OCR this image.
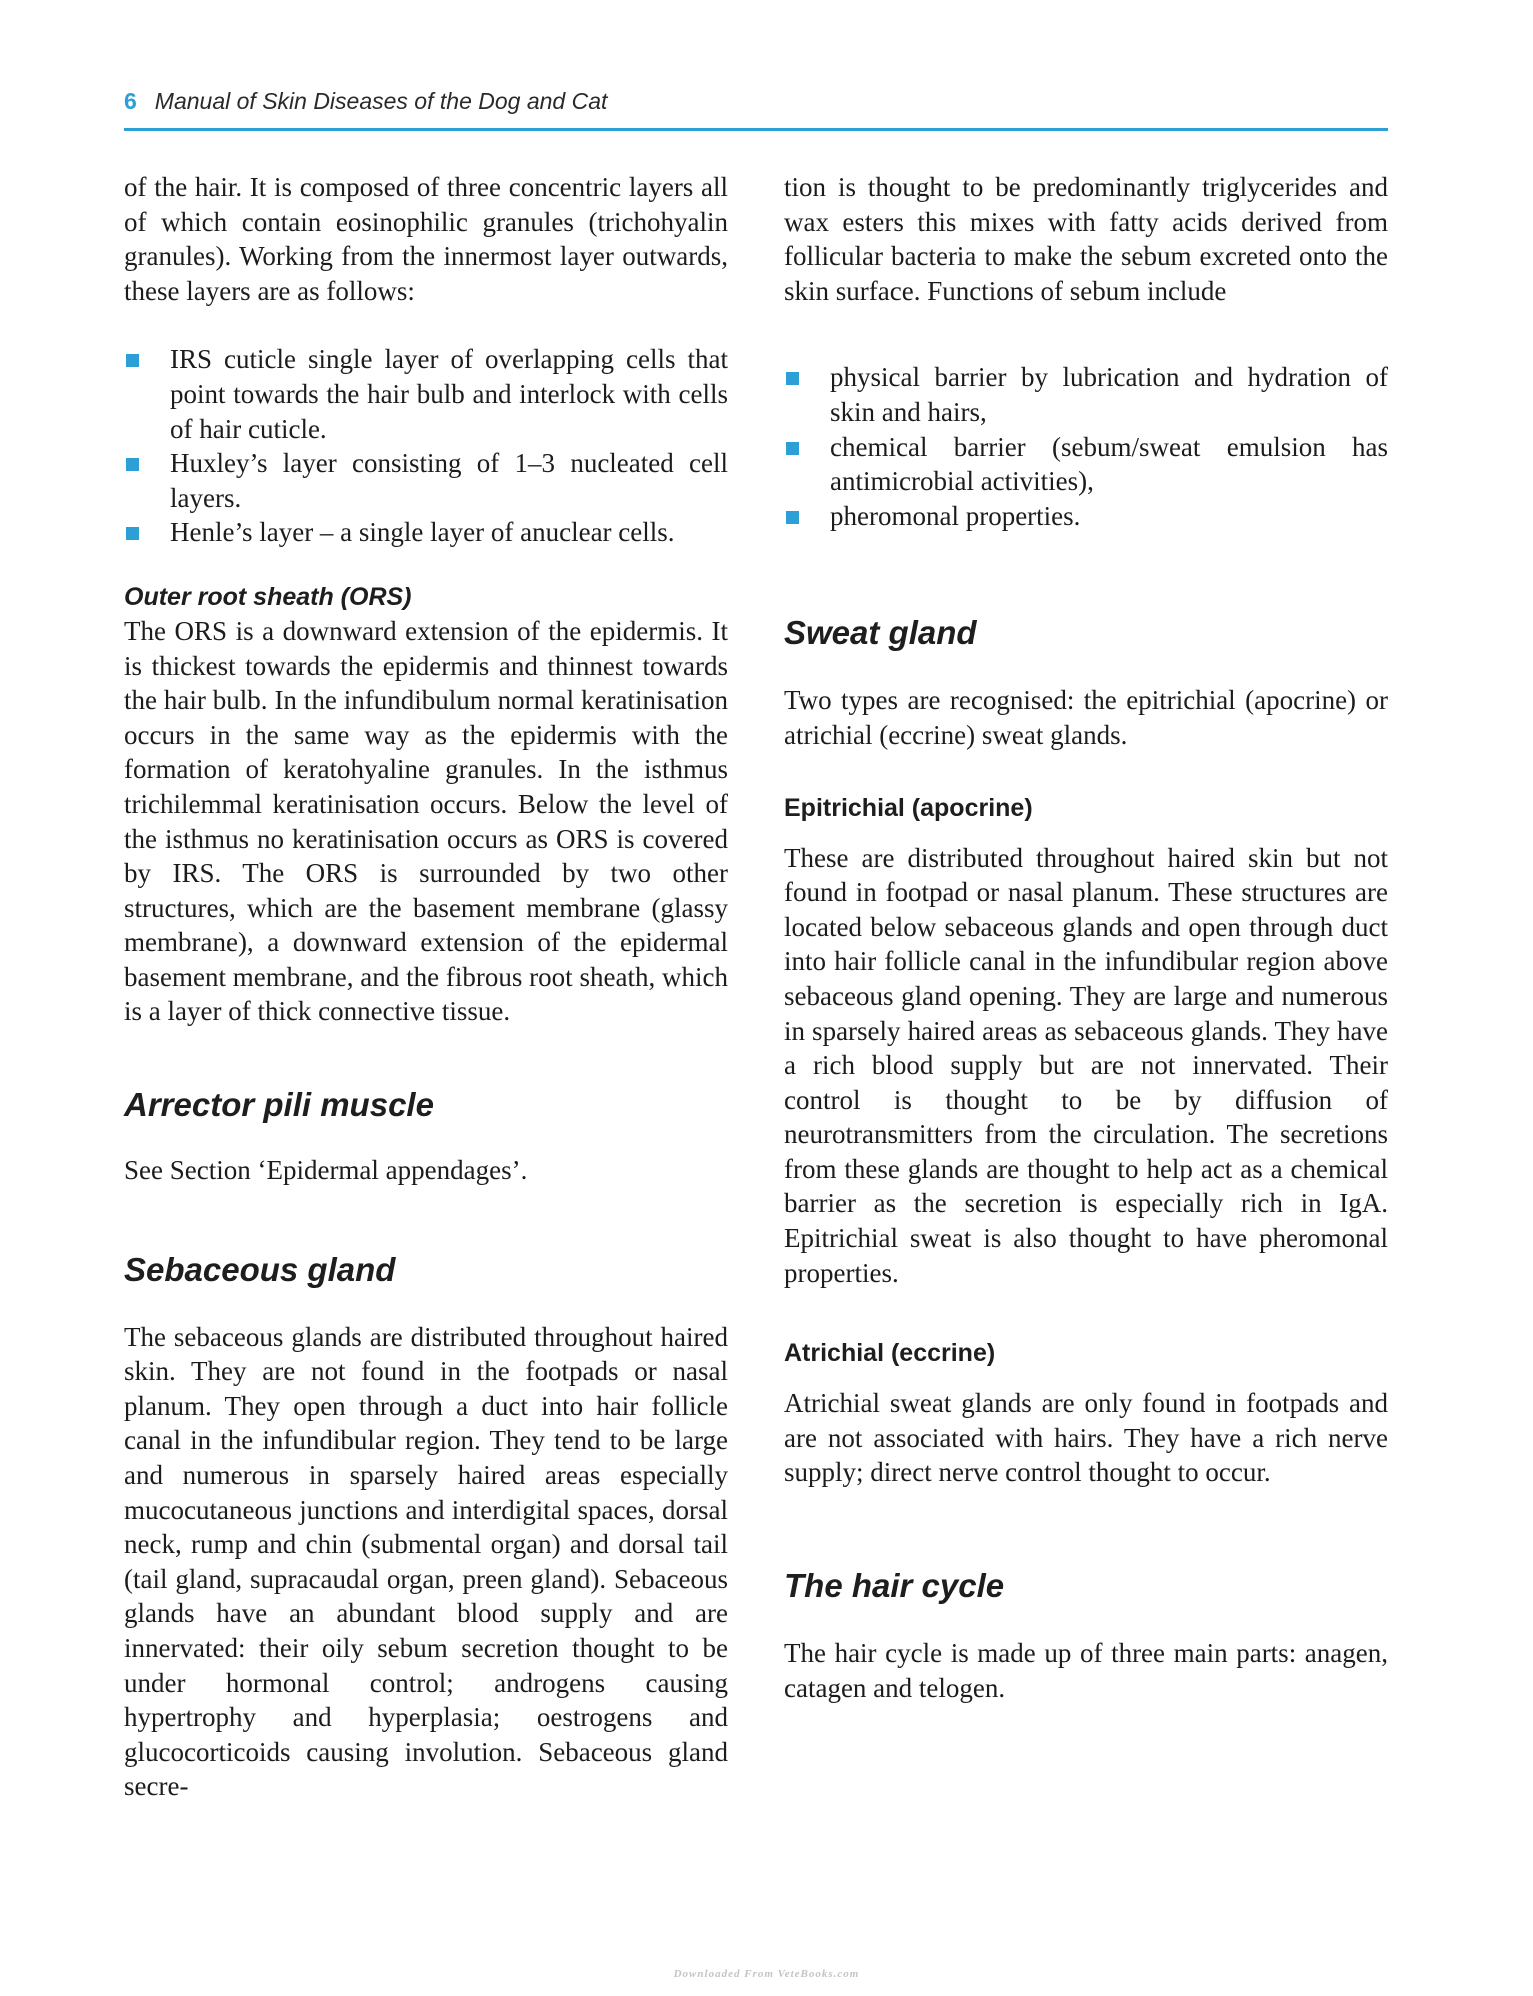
6 Manual of Skin Diseases of the Dog and Cat

of the hair. It is composed of three concentric layers all of which contain eosinophilic granules (trichohyalin granules). Working from the innermost layer outwards, these layers are as follows:

IRS cuticle single layer of overlapping cells that point towards the hair bulb and interlock with cells of hair cuticle.
Huxley’s layer consisting of 1–3 nucleated cell layers.
Henle’s layer – a single layer of anuclear cells.
Outer root sheath (ORS)

The ORS is a downward extension of the epidermis. It is thickest towards the epidermis and thinnest towards the hair bulb. In the infundibulum normal keratinisation occurs in the same way as the epidermis with the formation of keratohyaline granules. In the isthmus trichilemmal keratinisation occurs. Below the level of the isthmus no keratinisation occurs as ORS is covered by IRS. The ORS is surrounded by two other structures, which are the basement membrane (glassy membrane), a downward extension of the epidermal basement membrane, and the fibrous root sheath, which is a layer of thick connective tissue.

Arrector pili muscle

See Section ‘Epidermal appendages’.

Sebaceous gland

The sebaceous glands are distributed throughout haired skin. They are not found in the footpads or nasal planum. They open through a duct into hair follicle canal in the infundibular region. They tend to be large and numerous in sparsely haired areas especially mucocutaneous junctions and interdigital spaces, dorsal neck, rump and chin (submental organ) and dorsal tail (tail gland, supracaudal organ, preen gland). Sebaceous glands have an abundant blood supply and are innervated: their oily sebum secretion thought to be under hormonal control; androgens causing hypertrophy and hyperplasia; oestrogens and glucocorticoids causing involution. Sebaceous gland secre-

tion is thought to be predominantly triglycerides and wax esters this mixes with fatty acids derived from follicular bacteria to make the sebum excreted onto the skin surface. Functions of sebum include

physical barrier by lubrication and hydration of skin and hairs,
chemical barrier (sebum/sweat emulsion has antimicrobial activities),
pheromonal properties.
Sweat gland

Two types are recognised: the epitrichial (apocrine) or atrichial (eccrine) sweat glands.

Epitrichial (apocrine)

These are distributed throughout haired skin but not found in footpad or nasal planum. These structures are located below sebaceous glands and open through duct into hair follicle canal in the infundibular region above sebaceous gland opening. They are large and numerous in sparsely haired areas as sebaceous glands. They have a rich blood supply but are not innervated. Their control is thought to be by diffusion of neurotransmitters from the circulation. The secretions from these glands are thought to help act as a chemical barrier as the secretion is especially rich in IgA. Epitrichial sweat is also thought to have pheromonal properties.

Atrichial (eccrine)

Atrichial sweat glands are only found in footpads and are not associated with hairs. They have a rich nerve supply; direct nerve control thought to occur.

The hair cycle

The hair cycle is made up of three main parts: anagen, catagen and telogen.

Downloaded From VeteBooks.com
